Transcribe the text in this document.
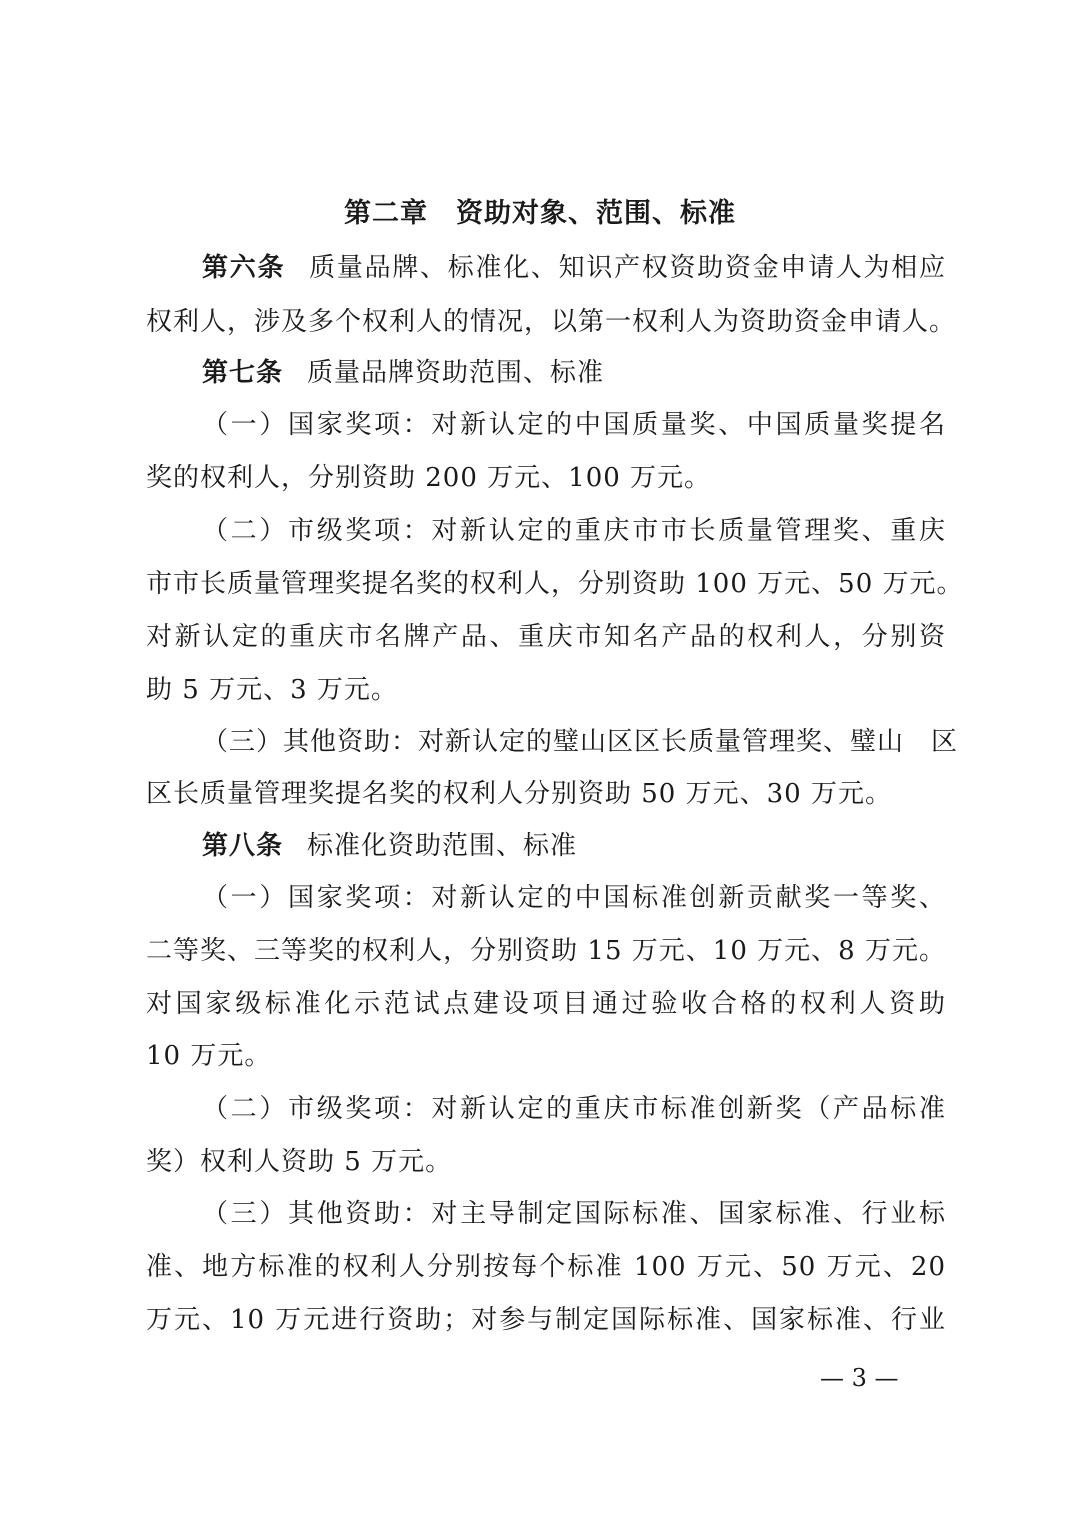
第二章　资助对象、范围、标准
第六条 质量品牌、标准化、知识产权资助资金申请人为相应
权利人，涉及多个权利人的情况，以第一权利人为资助资金申请人。
第七条 质量品牌资助范围、标准
（一）国家奖项：对新认定的中国质量奖、中国质量奖提名
奖的权利人，分别资助 200 万元、100 万元。
（二）市级奖项：对新认定的重庆市市长质量管理奖、重庆
市市长质量管理奖提名奖的权利人，分别资助 100 万元、50 万元。
对新认定的重庆市名牌产品、重庆市知名产品的权利人，分别资
助 5 万元、3 万元。
（三）其他资助：对新认定的璧山区区长质量管理奖、璧山　区
区长质量管理奖提名奖的权利人分别资助 50 万元、30 万元。
第八条 标准化资助范围、标准
（一）国家奖项：对新认定的中国标准创新贡献奖一等奖、
二等奖、三等奖的权利人，分别资助 15 万元、10 万元、8 万元。
对国家级标准化示范试点建设项目通过验收合格的权利人资助
10 万元。
（二）市级奖项：对新认定的重庆市标准创新奖（产品标准
奖）权利人资助 5 万元。
（三）其他资助：对主导制定国际标准、国家标准、行业标
准、地方标准的权利人分别按每个标准 100 万元、50 万元、20
万元、10 万元进行资助；对参与制定国际标准、国家标准、行业
— 3 —
